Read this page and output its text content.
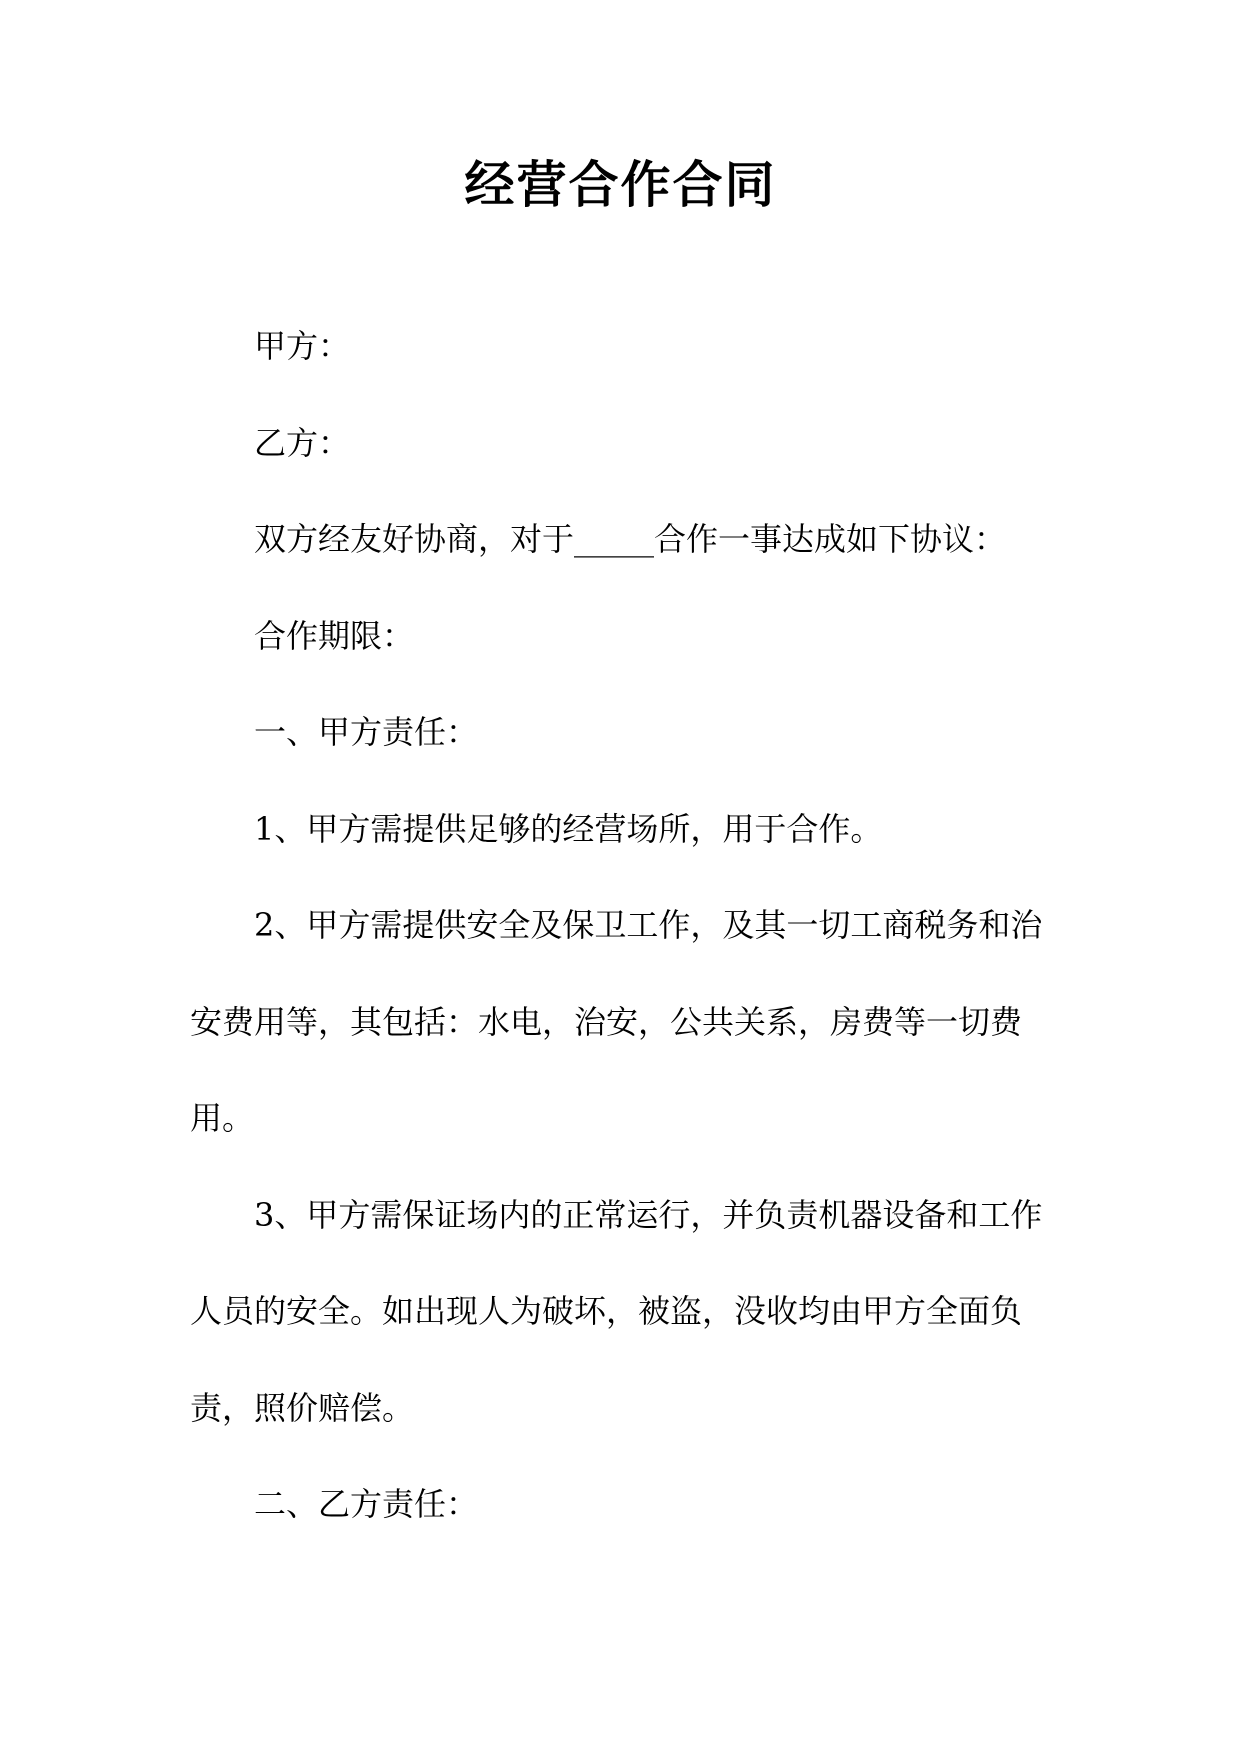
经营合作合同

甲方：

乙方：

双方经友好协商，对于_____合作一事达成如下协议：

合作期限：

一、甲方责任：

1、甲方需提供足够的经营场所，用于合作。

2、甲方需提供安全及保卫工作，及其一切工商税务和治安费用等，其包括：水电，治安，公共关系，房费等一切费用。

3、甲方需保证场内的正常运行，并负责机器设备和工作人员的安全。如出现人为破坏，被盗，没收均由甲方全面负责，照价赔偿。

二、乙方责任：
